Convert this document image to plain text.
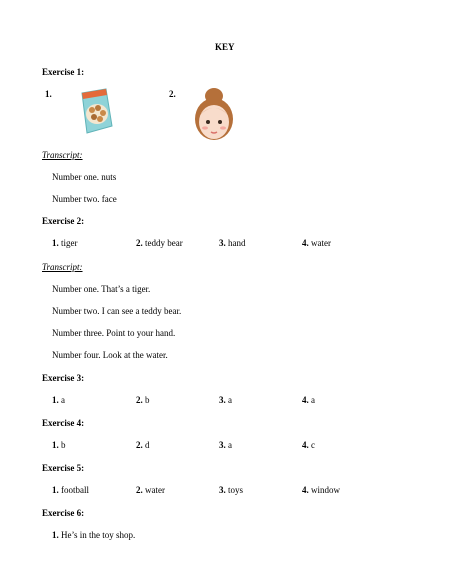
KEY
Exercise 1:
1.	2.
Transcript:
Number one. nuts
Number two. face
Exercise 2:
1. tiger	2. teddy bear	3. hand	4. water
Transcript:
Number one. That’s a tiger.
Number two. I can see a teddy bear.
Number three. Point to your hand.
Number four. Look at the water.
Exercise 3:
1. a	2. b	3. a	4. a
Exercise 4:
1. b	2. d	3. a	4. c
Exercise 5:
1. football	2. water	3. toys	4. window
Exercise 6:
1. He’s in the toy shop.
